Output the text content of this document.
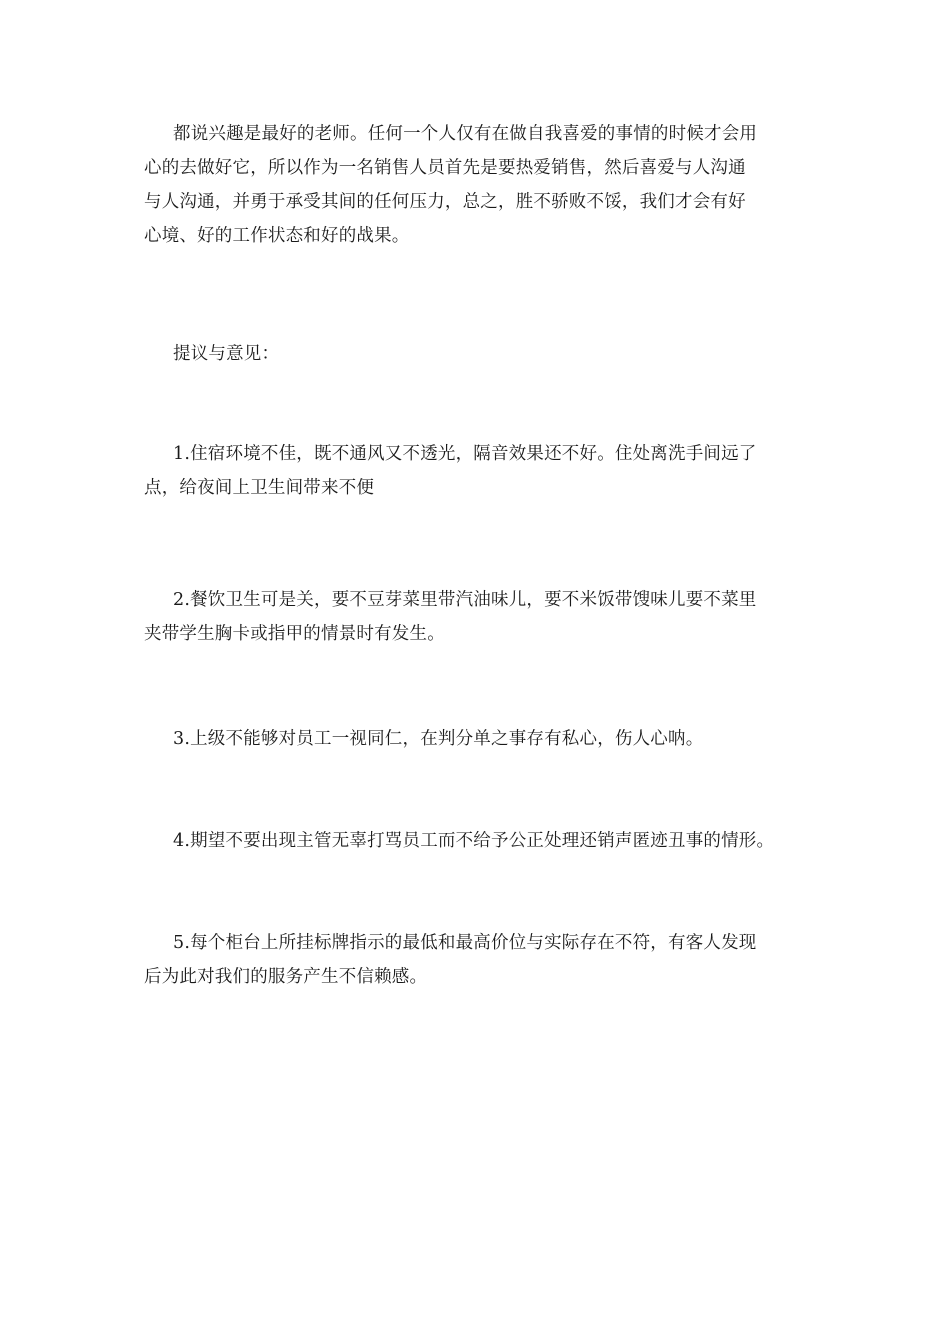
都说兴趣是最好的老师。任何一个人仅有在做自我喜爱的事情的时候才会用
心的去做好它，所以作为一名销售人员首先是要热爱销售，然后喜爱与人沟通
与人沟通，并勇于承受其间的任何压力，总之，胜不骄败不馁，我们才会有好
心境、好的工作状态和好的战果。
提议与意见：
1.住宿环境不佳，既不通风又不透光，隔音效果还不好。住处离洗手间远了
点，给夜间上卫生间带来不便
2.餐饮卫生可是关，要不豆芽菜里带汽油味儿，要不米饭带馊味儿要不菜里
夹带学生胸卡或指甲的情景时有发生。
3.上级不能够对员工一视同仁，在判分单之事存有私心，伤人心呐。
4.期望不要出现主管无辜打骂员工而不给予公正处理还销声匿迹丑事的情形。
5.每个柜台上所挂标牌指示的最低和最高价位与实际存在不符，有客人发现
后为此对我们的服务产生不信赖感。
